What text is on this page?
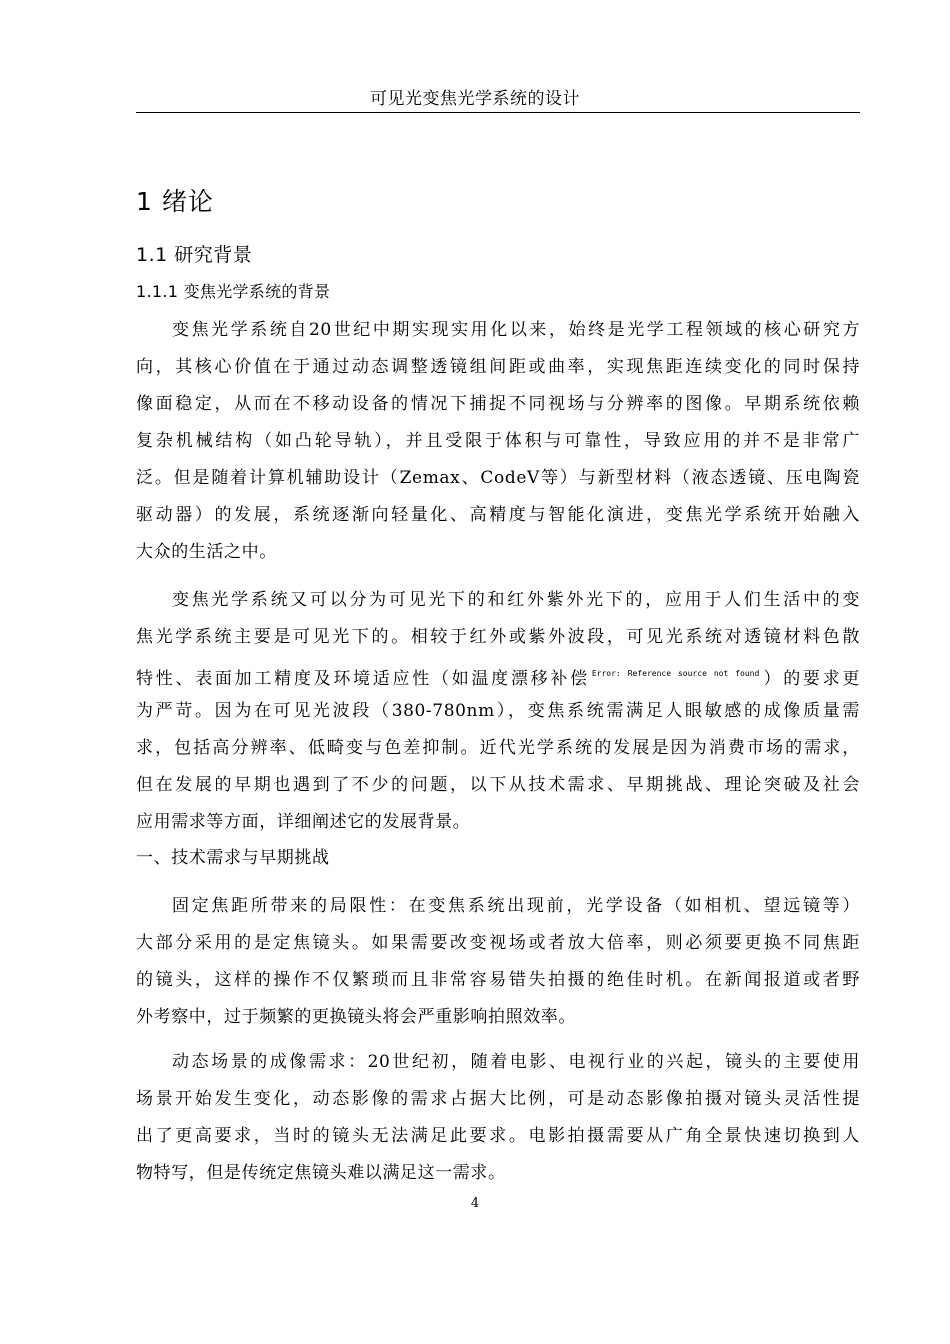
可见光变焦光学系统的设计
1 绪论
1.1 研究背景
1.1.1 变焦光学系统的背景
变焦光学系统自20世纪中期实现实用化以来，始终是光学工程领域的核心研究方
向，其核心价值在于通过动态调整透镜组间距或曲率，实现焦距连续变化的同时保持
像面稳定，从而在不移动设备的情况下捕捉不同视场与分辨率的图像。早期系统依赖
复杂机械结构（如凸轮导轨），并且受限于体积与可靠性，导致应用的并不是非常广
泛。但是随着计算机辅助设计（Zemax、CodeV等）与新型材料（液态透镜、压电陶瓷
驱动器）的发展，系统逐渐向轻量化、高精度与智能化演进，变焦光学系统开始融入
大众的生活之中。
变焦光学系统又可以分为可见光下的和红外紫外光下的，应用于人们生活中的变
焦光学系统主要是可见光下的。相较于红外或紫外波段，可见光系统对透镜材料色散
特性、表面加工精度及环境适应性（如温度漂移补偿 $^{Error: Reference source not found}$ ）的要求更
为严苛。因为在可见光波段（380-780nm），变焦系统需满足人眼敏感的成像质量需
求，包括高分辨率、低畸变与色差抑制。近代光学系统的发展是因为消费市场的需求，
但在发展的早期也遇到了不少的问题，以下从技术需求、早期挑战、理论突破及社会
应用需求等方面，详细阐述它的发展背景。
一、技术需求与早期挑战
固定焦距所带来的局限性：在变焦系统出现前，光学设备（如相机、望远镜等）
大部分采用的是定焦镜头。如果需要改变视场或者放大倍率，则必须要更换不同焦距
的镜头，这样的操作不仅繁琐而且非常容易错失拍摄的绝佳时机。在新闻报道或者野
外考察中，过于频繁的更换镜头将会严重影响拍照效率。
动态场景的成像需求：20世纪初，随着电影、电视行业的兴起，镜头的主要使用
场景开始发生变化，动态影像的需求占据大比例，可是动态影像拍摄对镜头灵活性提
出了更高要求，当时的镜头无法满足此要求。电影拍摄需要从广角全景快速切换到人
物特写，但是传统定焦镜头难以满足这一需求。
4
